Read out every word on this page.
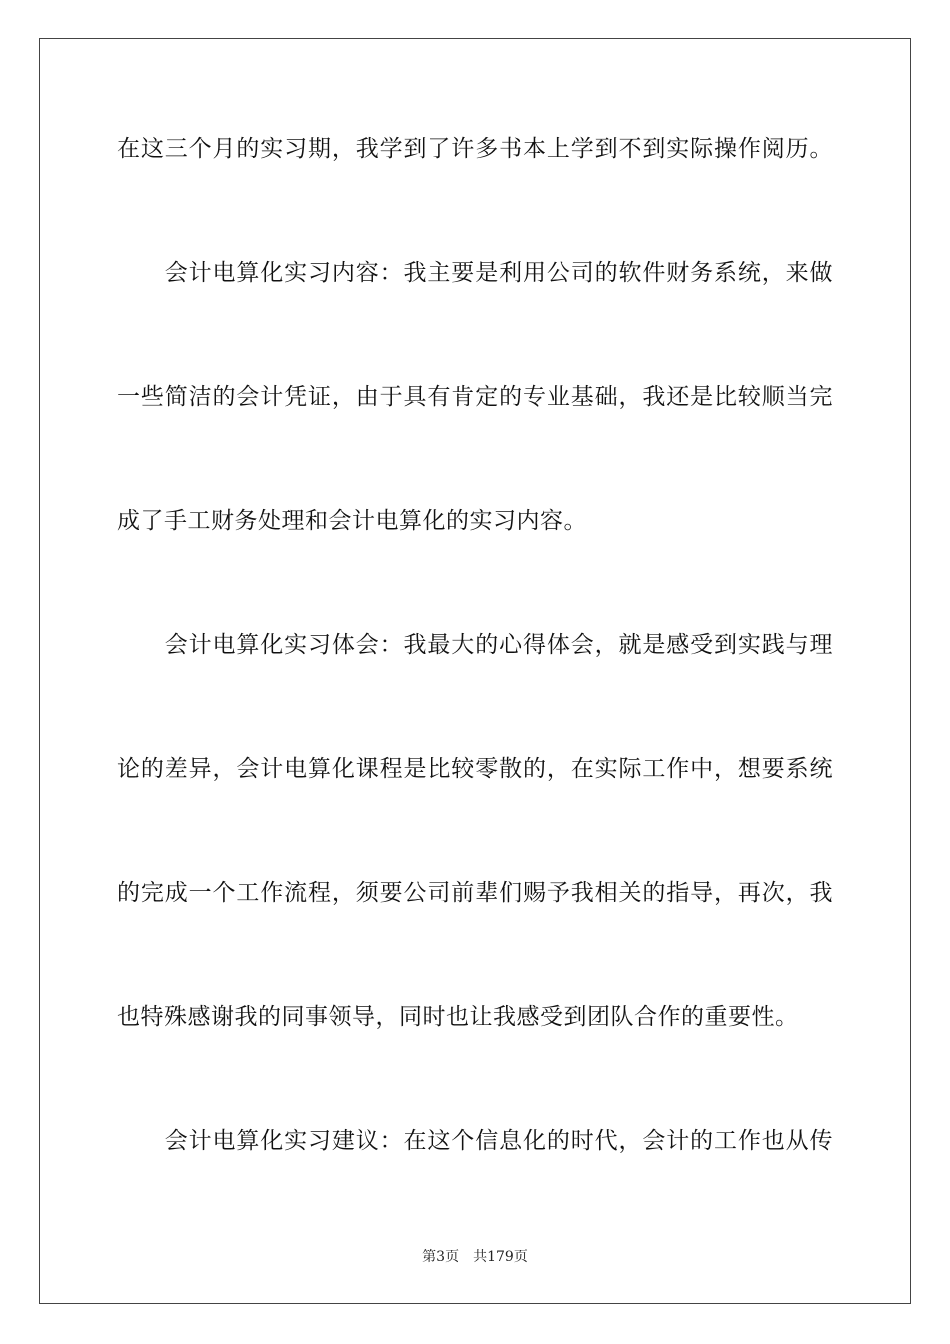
在这三个月的实习期，我学到了许多书本上学到不到实际操作阅历。
　　会计电算化实习内容：我主要是利用公司的软件财务系统，来做
一些简洁的会计凭证，由于具有肯定的专业基础，我还是比较顺当完
成了手工财务处理和会计电算化的实习内容。
　　会计电算化实习体会：我最大的心得体会，就是感受到实践与理
论的差异，会计电算化课程是比较零散的，在实际工作中，想要系统
的完成一个工作流程，须要公司前辈们赐予我相关的指导，再次，我
也特殊感谢我的同事领导，同时也让我感受到团队合作的重要性。
　　会计电算化实习建议：在这个信息化的时代，会计的工作也从传
第3页 共179页
